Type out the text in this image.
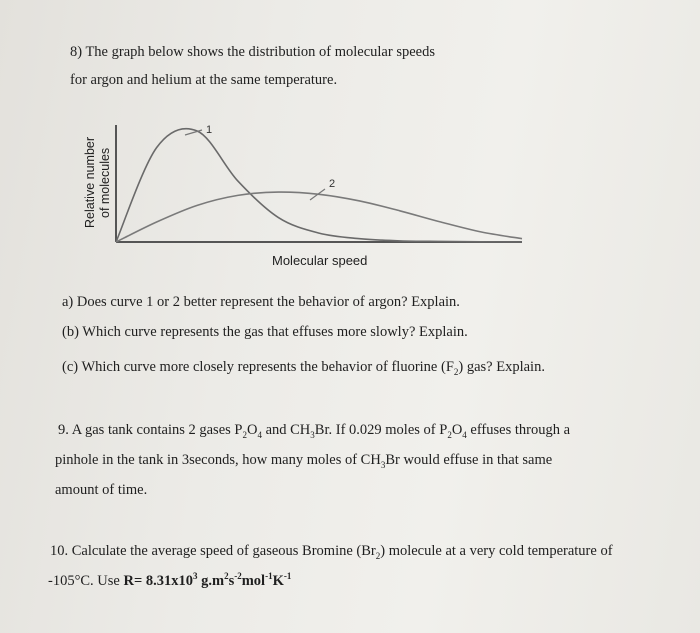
8) The graph below shows the distribution of molecular speeds
for argon and helium at the same temperature.
1
2
Relative number of molecules
Molecular speed
a) Does curve 1 or 2 better represent the behavior of argon? Explain.
(b) Which curve represents the gas that effuses more slowly? Explain.
(c) Which curve more closely represents the behavior of fluorine $(F_2)$ gas? Explain.
9. A gas tank contains 2 gases $P_2O_4$ and $CH_3Br$. If 0.029 moles of $P_2O_4$ effuses through a
pinhole in the tank in 3seconds, how many moles of $CH_3Br$ would effuse in that same
amount of time.
10. Calculate the average speed of gaseous Bromine $(Br_2)$ molecule at a very cold temperature of
-105°C. Use $R= 8.31x10^3$ $g.m^2s^{-2}mol^{-1}K^{-1}$
